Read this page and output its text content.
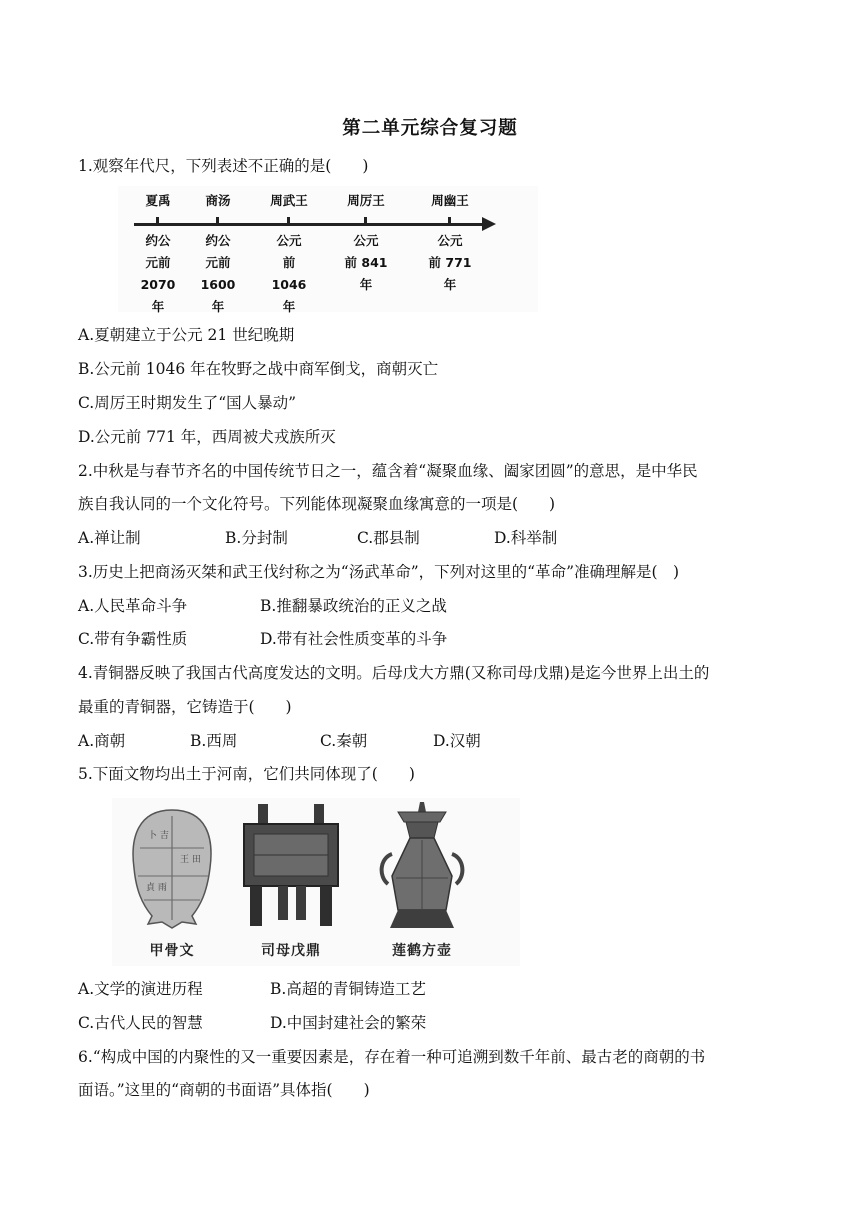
第二单元综合复习题
1.观察年代尺，下列表述不正确的是(　　)
夏禹	商汤	周武王	周厉王	周幽王
约公
元前
2070
年
约公
元前
1600
年
公元
前
1046
年
公元
前 841
年
公元
前 771
年
A.夏朝建立于公元 21 世纪晚期
B.公元前 1046 年在牧野之战中商军倒戈，商朝灭亡
C.周厉王时期发生了“国人暴动”
D.公元前 771 年，西周被犬戎族所灭
2.中秋是与春节齐名的中国传统节日之一，蕴含着“凝聚血缘、阖家团圆”的意思，是中华民
族自我认同的一个文化符号。下列能体现凝聚血缘寓意的一项是(　　)
A.禅让制	B.分封制	C.郡县制	D.科举制
3.历史上把商汤灭桀和武王伐纣称之为“汤武革命”，下列对这里的“革命”准确理解是(　)
A.人民革命斗争	B.推翻暴政统治的正义之战
C.带有争霸性质	D.带有社会性质变革的斗争
4.青铜器反映了我国古代高度发达的文明。后母戊大方鼎(又称司母戊鼎)是迄今世界上出土的
最重的青铜器，它铸造于(　　)
A.商朝	B.西周	C.秦朝	D.汉朝
5.下面文物均出土于河南，它们共同体现了(　　)
卜 吉
王 田
貞 雨
甲骨文	司母戊鼎	莲鹤方壶
A.文学的演进历程	B.高超的青铜铸造工艺
C.古代人民的智慧	D.中国封建社会的繁荣
6.“构成中国的内聚性的又一重要因素是，存在着一种可追溯到数千年前、最古老的商朝的书
面语。”这里的“商朝的书面语”具体指(　　)
